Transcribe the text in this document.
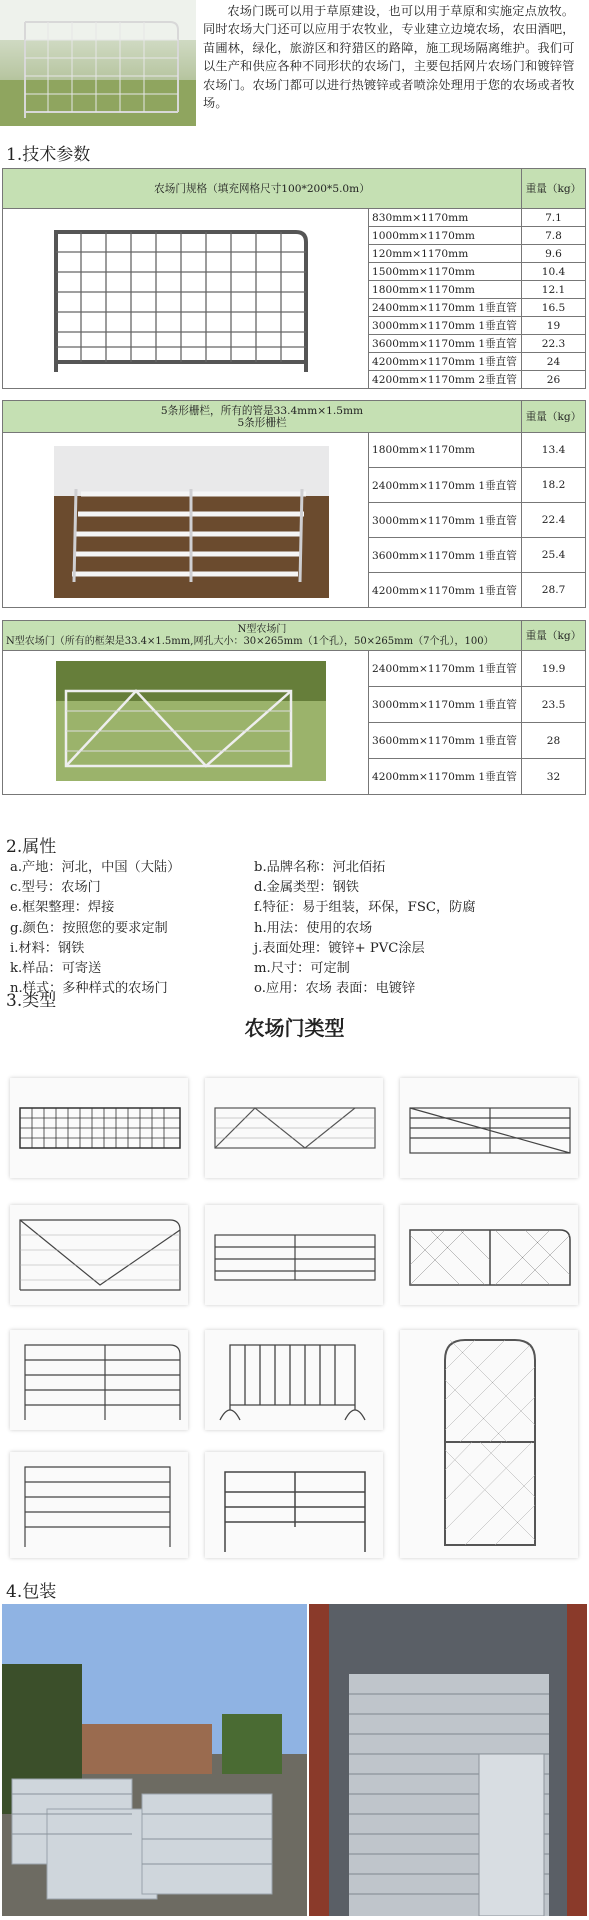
农场门既可以用于草原建设，也可以用于草原和实施定点放牧。同时农场大门还可以应用于农牧业，专业建立边境农场，农田酒吧，苗圃林，绿化，旅游区和狩猎区的路障，施工现场隔离维护。我们可以生产和供应各种不同形状的农场门，主要包括网片农场门和镀锌管农场门。农场门都可以进行热镀锌或者喷涂处理用于您的农场或者牧场。
1.技术参数
农场门规格（填充网格尺寸100*200*5.0m）		重量（kg）
	830mm×1170mm	7.1
	1000mm×1170mm	7.8
	120mm×1170mm	9.6
	1500mm×1170mm	10.4
	1800mm×1170mm	12.1
	2400mm×1170mm 1垂直管	16.5
	3000mm×1170mm 1垂直管	19
	3600mm×1170mm 1垂直管	22.3
	4200mm×1170mm 1垂直管	24
	4200mm×1170mm 2垂直管	26
5条形栅栏，所有的管是33.4mm×1.5mm
5条形栅栏		重量（kg）
	1800mm×1170mm	13.4
	2400mm×1170mm 1垂直管	18.2
	3000mm×1170mm 1垂直管	22.4
	3600mm×1170mm 1垂直管	25.4
	4200mm×1170mm 1垂直管	28.7
N型农场门
N型农场门（所有的框架是33.4×1.5mm,网孔大小：30×265mm（1个孔），50×265mm（7个孔），100）		重量（kg）
	2400mm×1170mm 1垂直管	19.9
	3000mm×1170mm 1垂直管	23.5
	3600mm×1170mm 1垂直管	28
	4200mm×1170mm 1垂直管	32
2.属性
a.产地：河北，中国（大陆）	b.品牌名称：河北佰拓
c.型号：农场门	d.金属类型：钢铁
e.框架整理：焊接	f.特征：易于组装，环保，FSC，防腐
g.颜色：按照您的要求定制	h.用法：使用的农场
i.材料：钢铁	j.表面处理：镀锌+ PVC涂层
k.样品：可寄送	m.尺寸：可定制
n.样式：多种样式的农场门	o.应用：农场 表面：电镀锌
3.类型
农场门类型
4.包装
